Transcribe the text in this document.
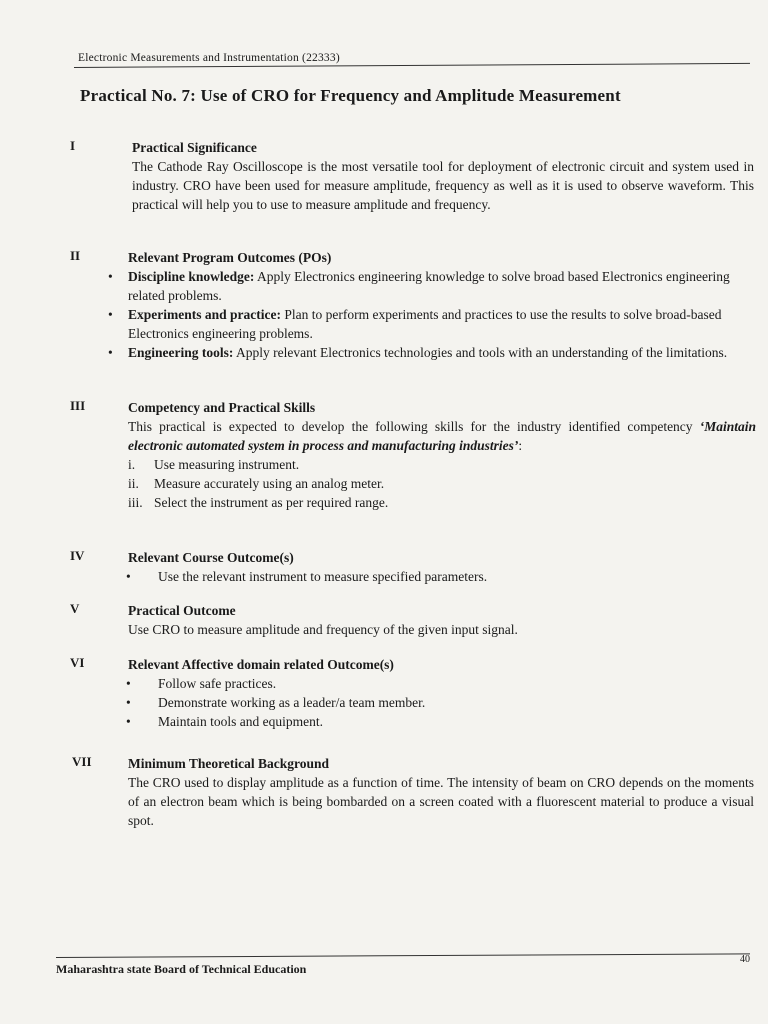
Electronic Measurements and Instrumentation (22333)
Practical No. 7: Use of CRO for Frequency and Amplitude Measurement
I	Practical Significance
The Cathode Ray Oscilloscope is the most versatile tool for deployment of electronic circuit and system used in industry. CRO have been used for measure amplitude, frequency as well as it is used to observe waveform. This practical will help you to use to measure amplitude and frequency.
II	Relevant Program Outcomes (POs)
• Discipline knowledge: Apply Electronics engineering knowledge to solve broad based Electronics engineering related problems.
• Experiments and practice: Plan to perform experiments and practices to use the results to solve broad-based Electronics engineering problems.
• Engineering tools: Apply relevant Electronics technologies and tools with an understanding of the limitations.
III	Competency and Practical Skills
This practical is expected to develop the following skills for the industry identified competency ‘Maintain electronic automated system in process and manufacturing industries’:
i. Use measuring instrument.
ii. Measure accurately using an analog meter.
iii. Select the instrument as per required range.
IV	Relevant Course Outcome(s)
• Use the relevant instrument to measure specified parameters.
V	Practical Outcome
Use CRO to measure amplitude and frequency of the given input signal.
VI	Relevant Affective domain related Outcome(s)
• Follow safe practices.
• Demonstrate working as a leader/a team member.
• Maintain tools and equipment.
VII	Minimum Theoretical Background
The CRO used to display amplitude as a function of time. The intensity of beam on CRO depends on the moments of an electron beam which is being bombarded on a screen coated with a fluorescent material to produce a visual spot.
40
Maharashtra state Board of Technical Education
